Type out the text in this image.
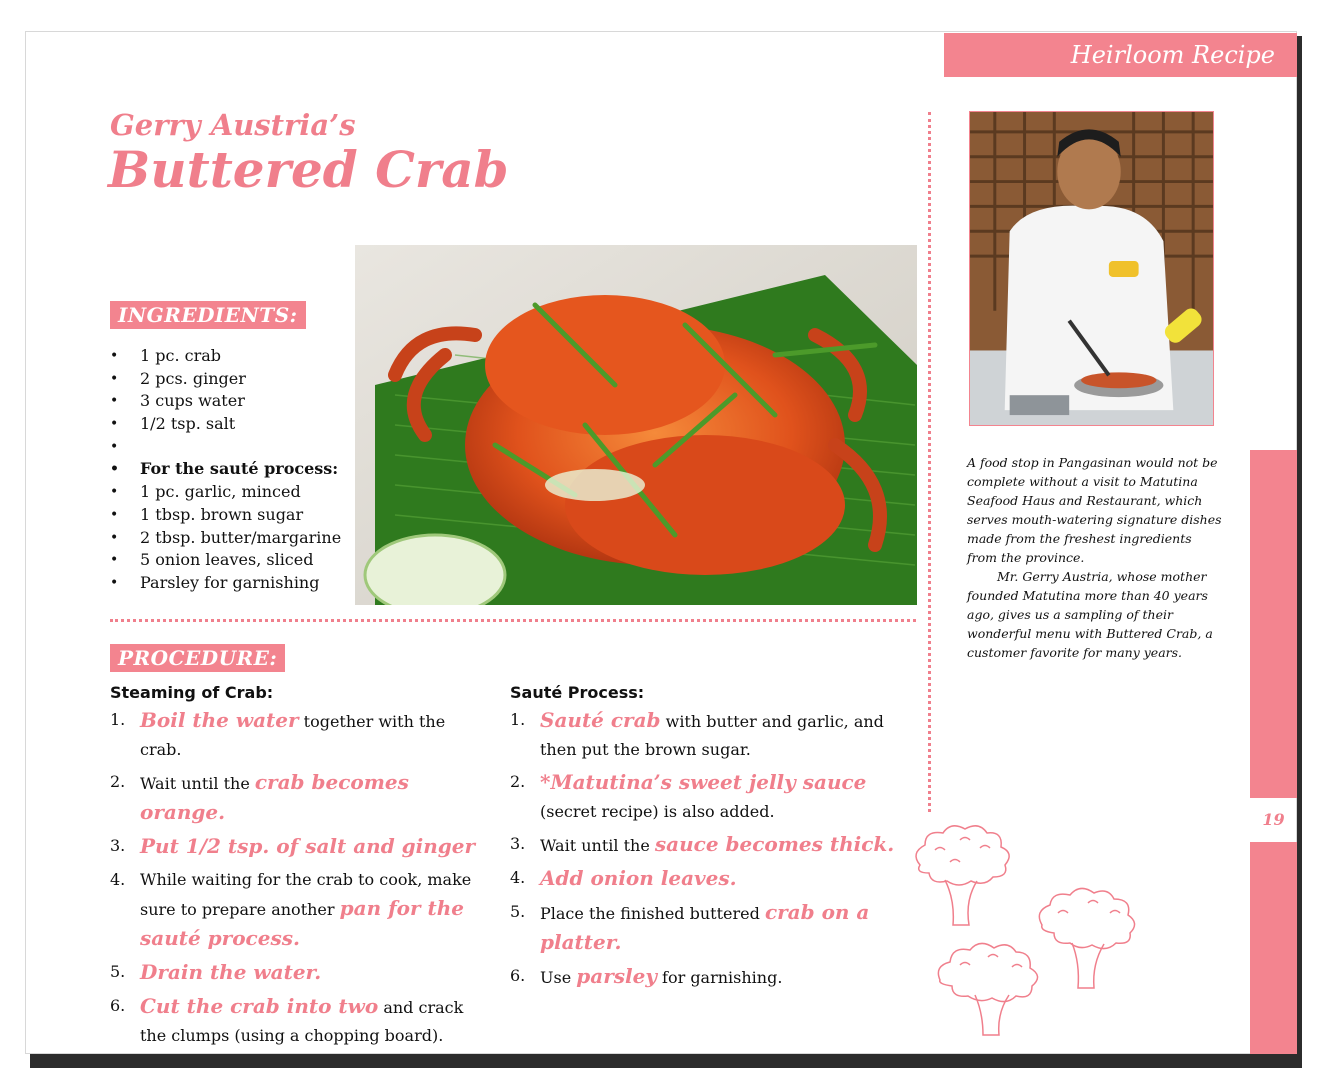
Heirloom Recipe
Gerry Austria’s
Buttered Crab
INGREDIENTS:
• 1 pc. crab
• 2 pcs. ginger
• 3 cups water
• 1/2 tsp. salt
•
• For the sauté process:
• 1 pc. garlic, minced
• 1 tbsp. brown sugar
• 2 tbsp. butter/margarine
• 5 onion leaves, sliced
• Parsley for garnishing

A food stop in Pangasinan would not be complete without a visit to Matutina Seafood Haus and Restaurant, which serves mouth-watering signature dishes made from the freshest ingredients from the province.

Mr. Gerry Austria, whose mother founded Matutina more than 40 years ago, gives us a sampling of their wonderful menu with Buttered Crab, a customer favorite for many years.

19
PROCEDURE:
Steaming of Crab:
1. Boil the water together with the crab.
2. Wait until the crab becomes orange.
3. Put 1/2 tsp. of salt and ginger
4. While waiting for the crab to cook, make sure to prepare another pan for the sauté process.
5. Drain the water.
6. Cut the crab into two and crack the clumps (using a chopping board).
Sauté Process:
1. Sauté crab with butter and garlic, and then put the brown sugar.
2. *Matutina’s sweet jelly sauce (secret recipe) is also added.
3. Wait until the sauce becomes thick.
4. Add onion leaves.
5. Place the finished buttered crab on a platter.
6. Use parsley for garnishing.
